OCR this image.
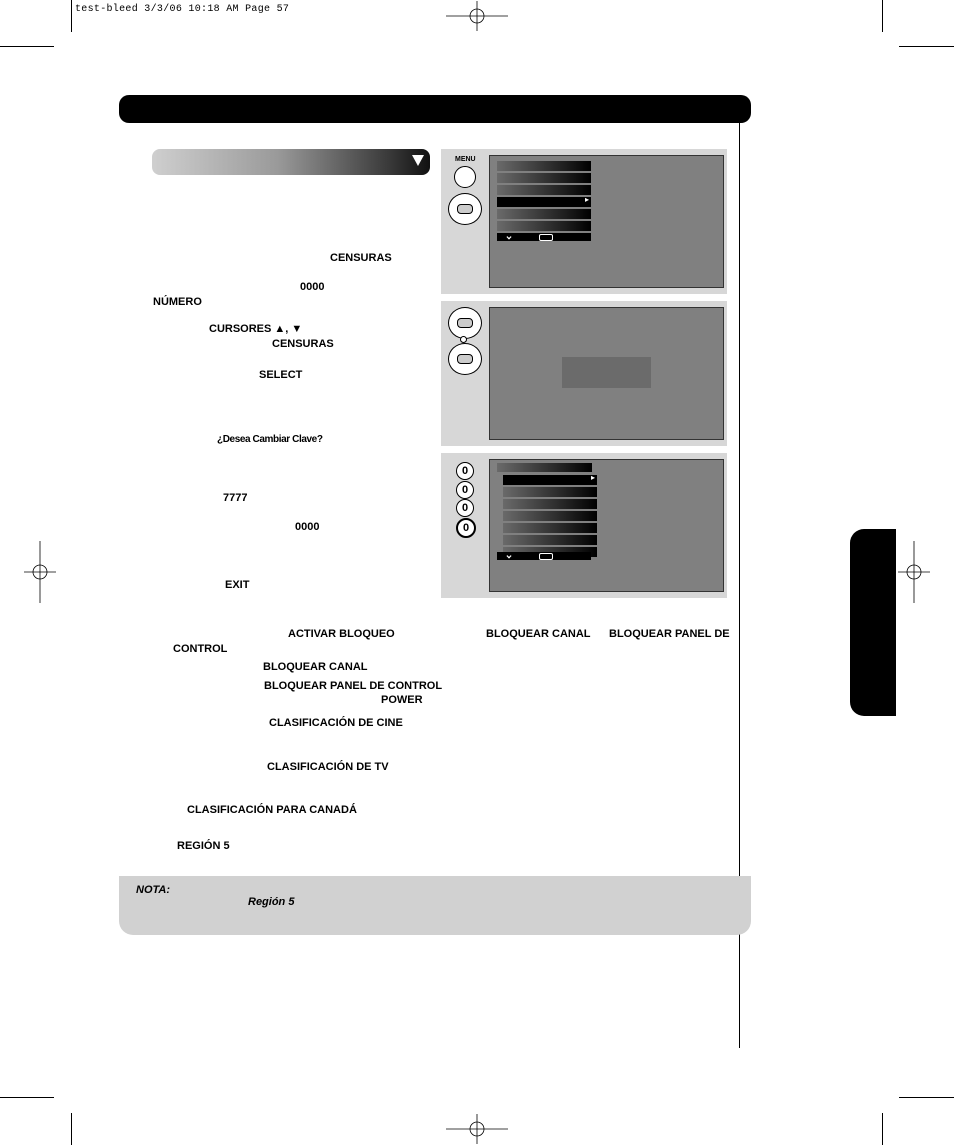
test-bleed 3/3/06 10:18 AM Page 57
CENSURAS
0000
NÚMERO
CURSORES ▲, ▼
CENSURAS
SELECT
¿Desea Cambiar Clave?
7777
0000
EXIT
ACTIVAR BLOQUEO	BLOQUEAR CANAL BLOQUEAR PANEL DE
CONTROL
BLOQUEAR CANAL
BLOQUEAR PANEL DE CONTROL
POWER
CLASIFICACIÓN DE CINE
CLASIFICACIÓN DE TV
CLASIFICACIÓN PARA CANADÁ
REGIÓN 5
MENU
▸
0
0
0
0
▸
NOTA:
Región 5
